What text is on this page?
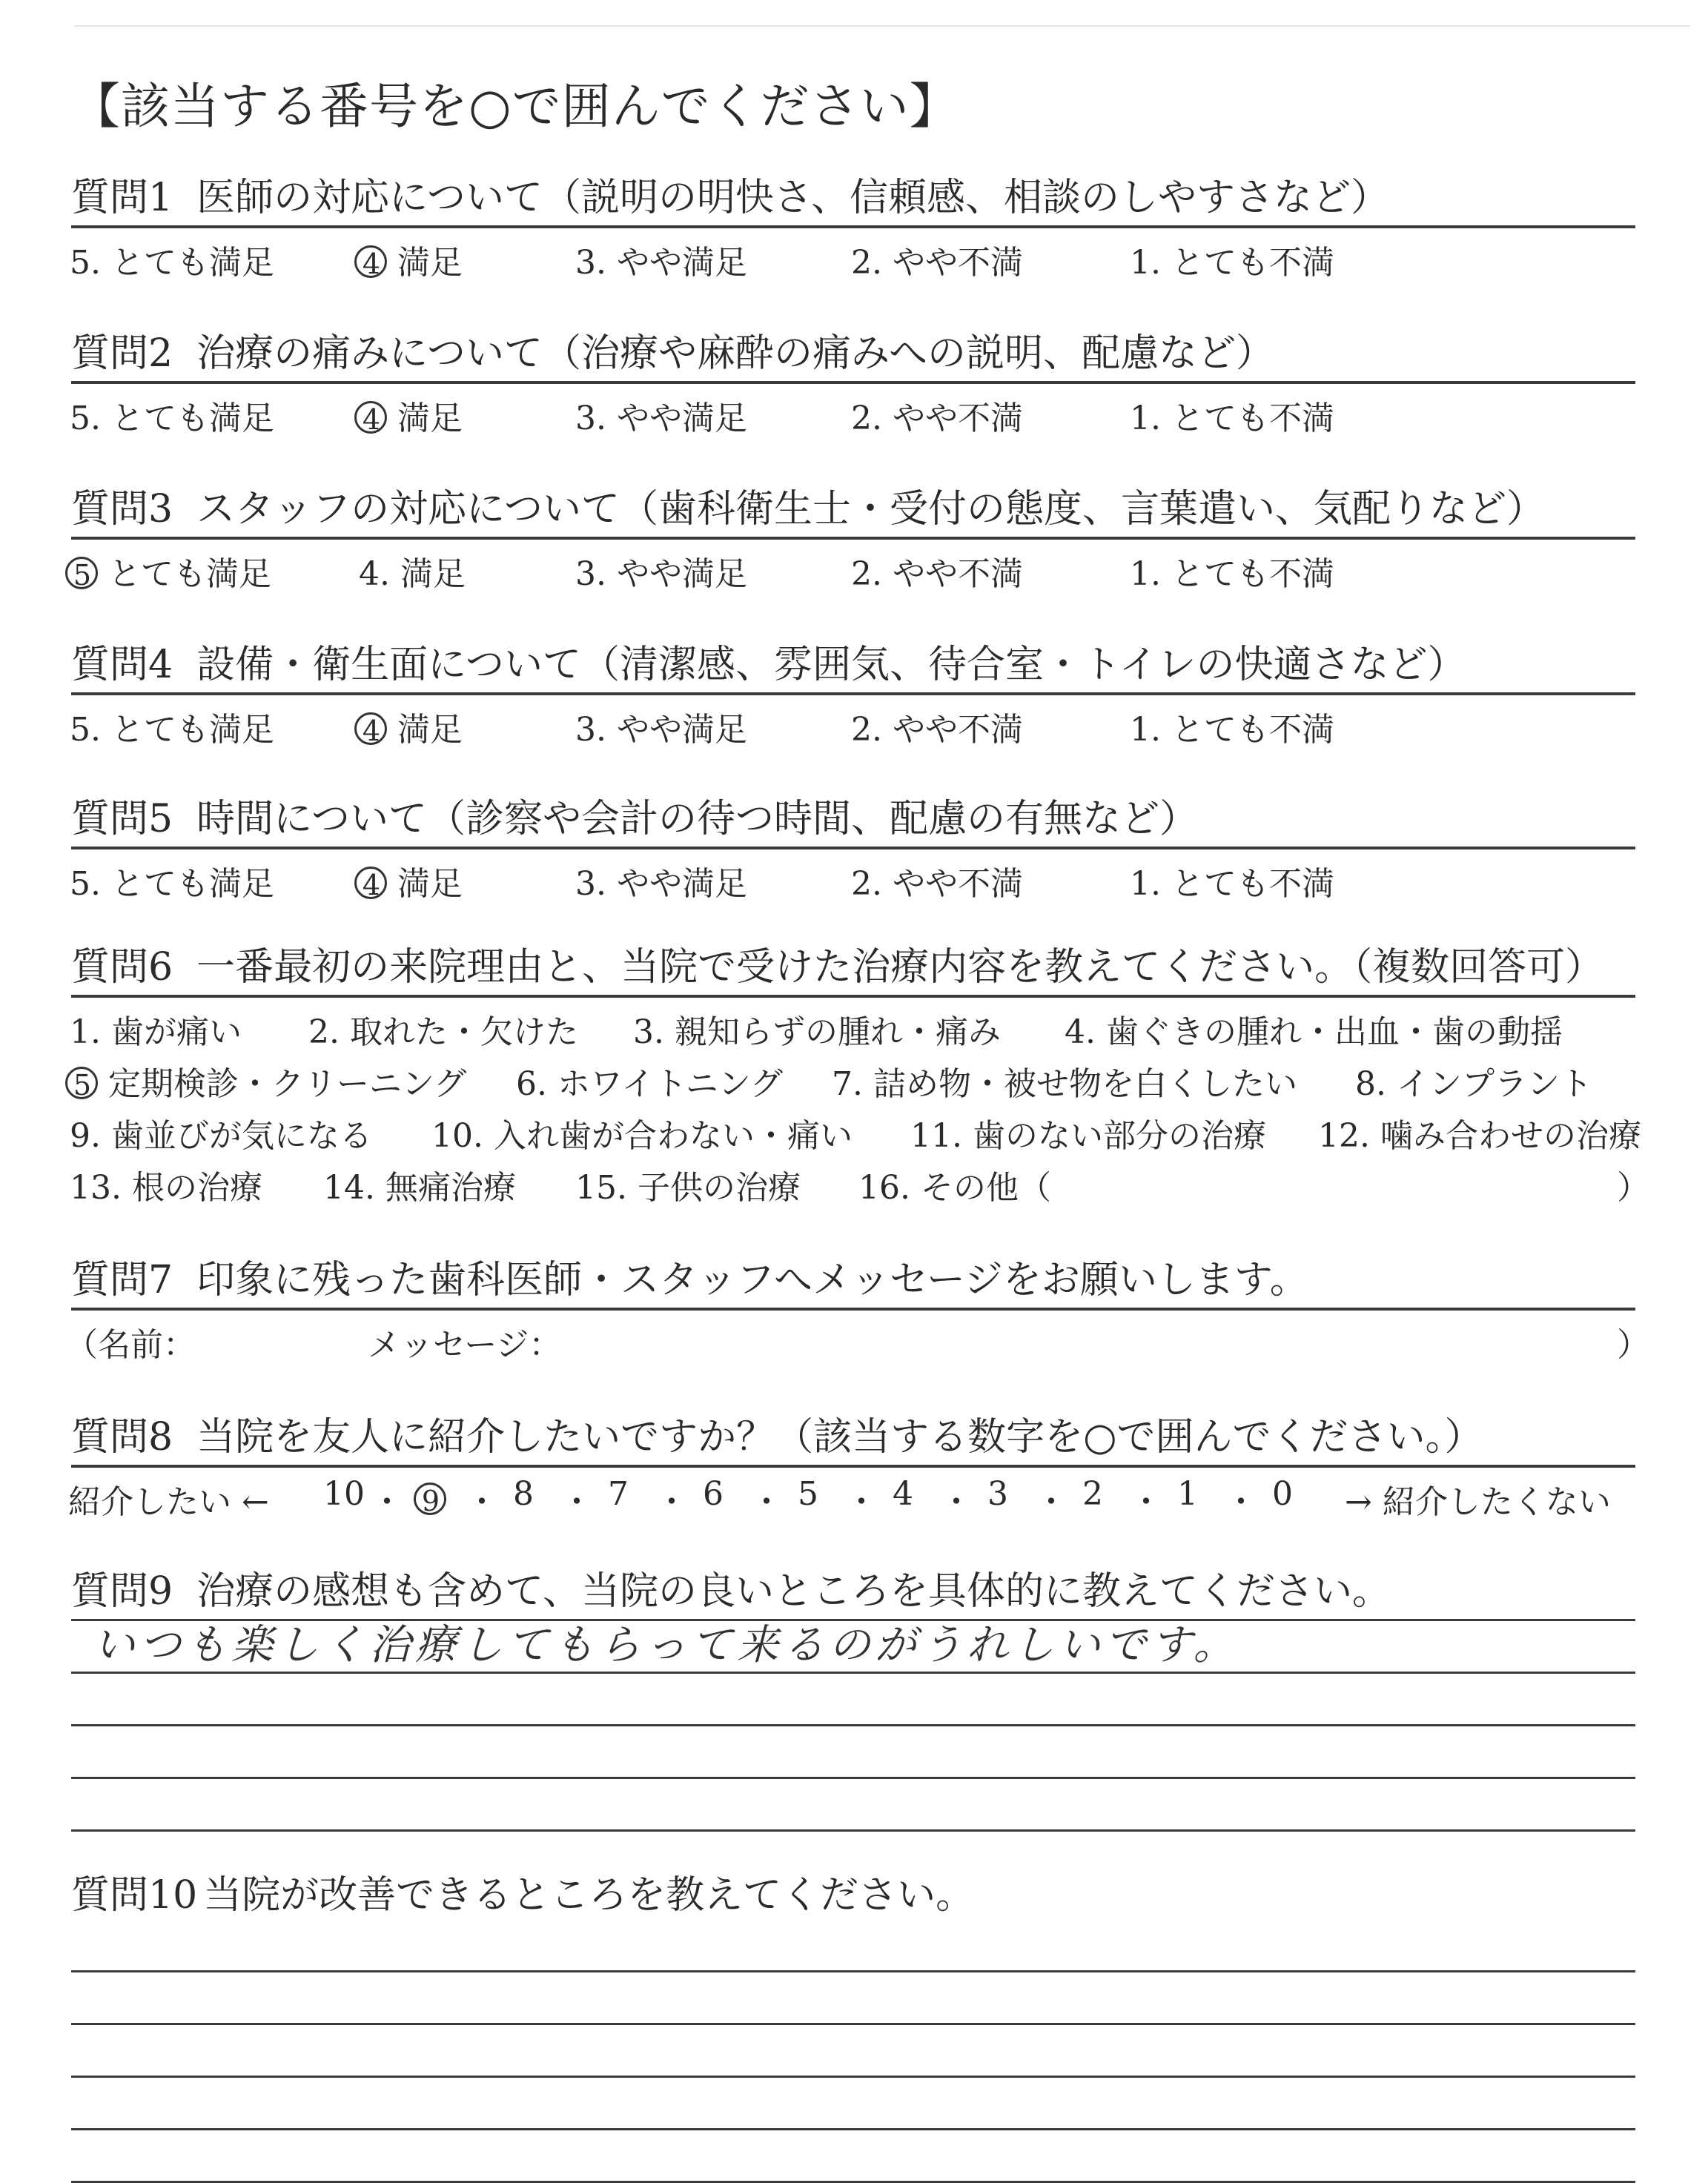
【該当する番号を○で囲んでください】
質問1 医師の対応について（説明の明快さ、信頼感、相談のしやすさなど）
5. とても満足	4 満足	3. やや満足	2. やや不満	1. とても不満
質問2 治療の痛みについて（治療や麻酔の痛みへの説明、配慮など）
5. とても満足	4 満足	3. やや満足	2. やや不満	1. とても不満
質問3 スタッフの対応について（歯科衛生士・受付の態度、言葉遣い、気配りなど）
5 とても満足	4. 満足	3. やや満足	2. やや不満	1. とても不満
質問4 設備・衛生面について（清潔感、雰囲気、待合室・トイレの快適さなど）
5. とても満足	4 満足	3. やや満足	2. やや不満	1. とても不満
質問5 時間について（診察や会計の待つ時間、配慮の有無など）
5. とても満足	4 満足	3. やや満足	2. やや不満	1. とても不満
質問6 一番最初の来院理由と、当院で受けた治療内容を教えてください。（複数回答可）
1. 歯が痛い 2. 取れた・欠けた 3. 親知らずの腫れ・痛み 4. 歯ぐきの腫れ・出血・歯の動揺
5 定期検診・クリーニング 6. ホワイトニング 7. 詰め物・被せ物を白くしたい 8. インプラント
9. 歯並びが気になる 10. 入れ歯が合わない・痛い 11. 歯のない部分の治療 12. 噛み合わせの治療
13. 根の治療 14. 無痛治療 15. 子供の治療 16. その他（	）
質問7 印象に残った歯科医師・スタッフへメッセージをお願いします。
（名前：	メッセージ：	）
質問8 当院を友人に紹介したいですか？（該当する数字を○で囲んでください。）
紹介したい ←	→ 紹介したくない
10 ・ 9 ・ 8 ・ 7 ・ 6 ・ 5 ・ 4 ・ 3 ・ 2 ・ 1 ・ 0
質問9 治療の感想も含めて、当院の良いところを具体的に教えてください。
いつも楽しく治療してもらって来るのがうれしいです。
質問10 当院が改善できるところを教えてください。
